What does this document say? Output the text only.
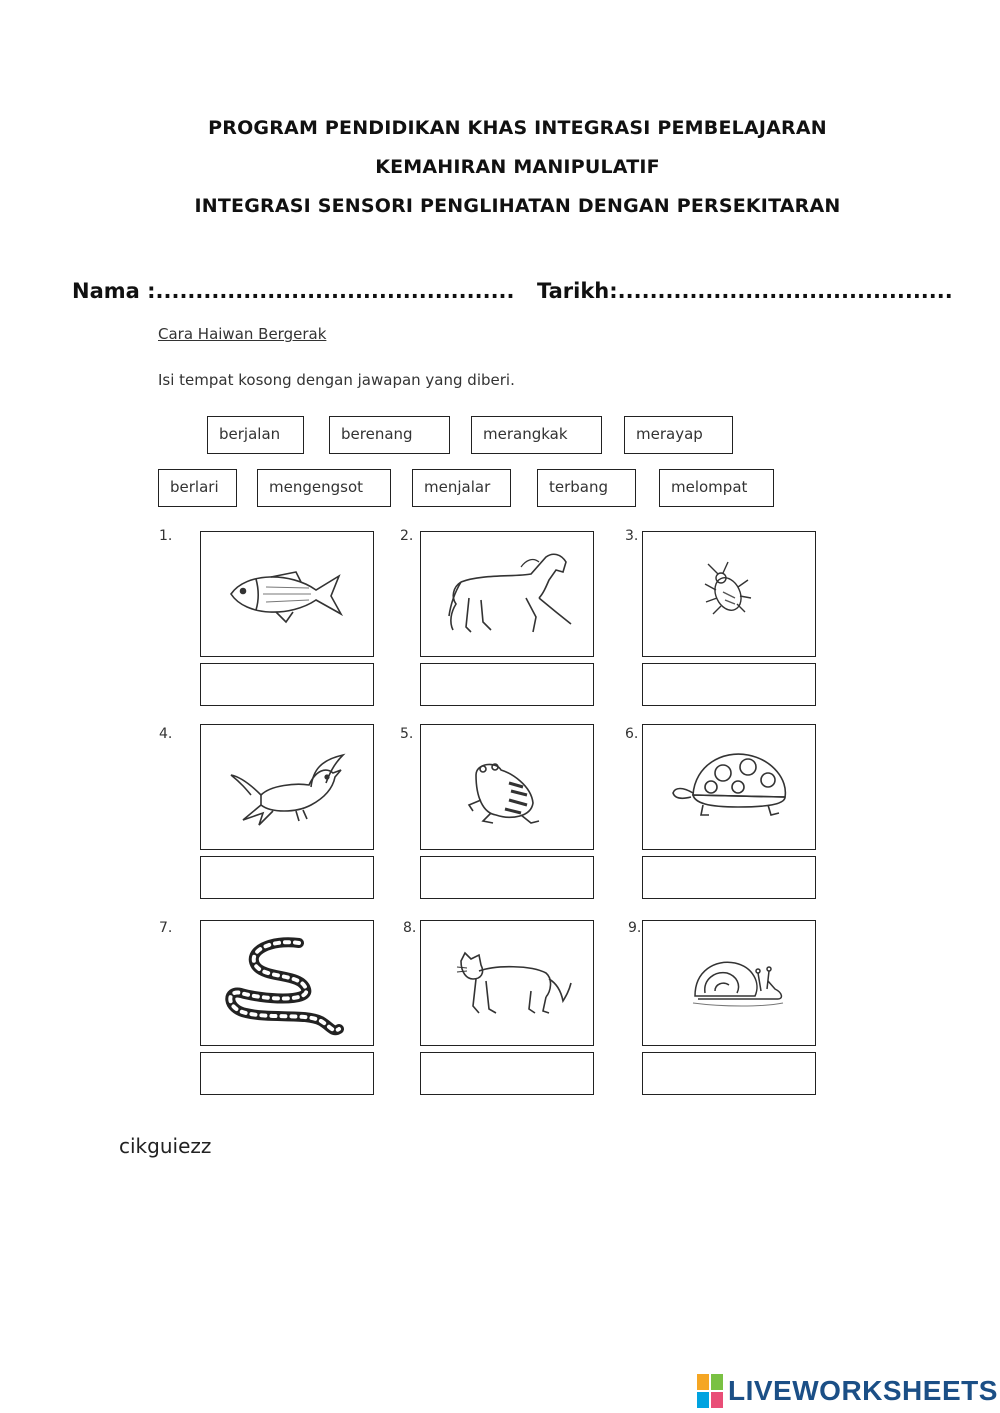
PROGRAM PENDIDIKAN KHAS INTEGRASI PEMBELAJARAN
KEMAHIRAN MANIPULATIF
INTEGRASI SENSORI PENGLIHATAN DENGAN PERSEKITARAN
Nama :............................................. Tarikh:..........................................
Cara Haiwan Bergerak
Isi tempat kosong dengan jawapan yang diberi.
berjalan	berenang	merangkak	merayap
berlari	mengengsot	menjalar	terbang	melompat
1.	2.	3.
4.	5.	6.
7.	8.	9.
cikguiezz
LIVEWORKSHEETS
